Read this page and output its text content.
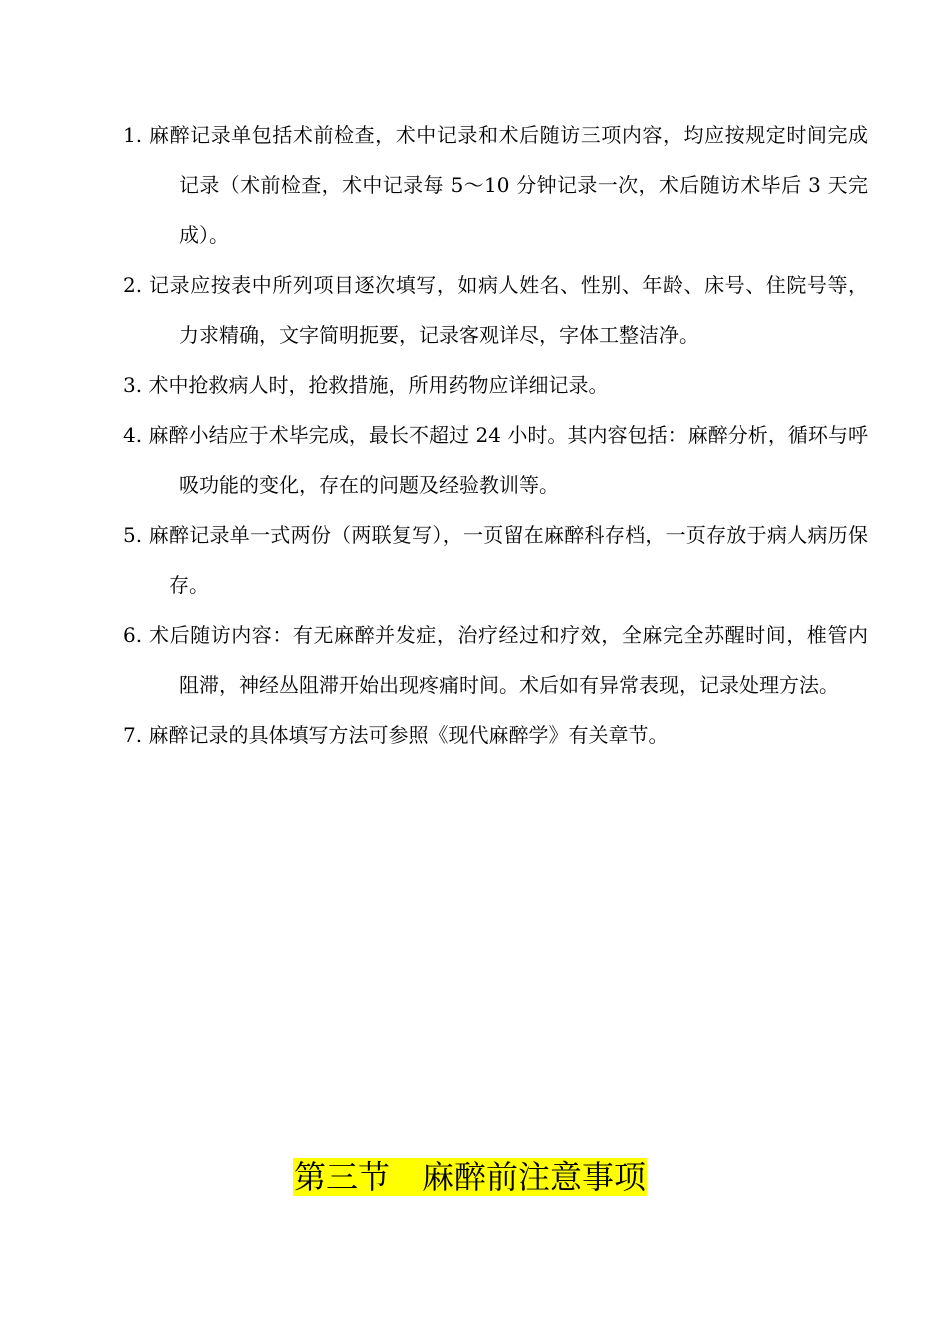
1. 麻醉记录单包括术前检查，术中记录和术后随访三项内容，均应按规定时间完成记录（术前检查，术中记录每 5～10 分钟记录一次，术后随访术毕后 3 天完成）。
2. 记录应按表中所列项目逐次填写，如病人姓名、性别、年龄、床号、住院号等，力求精确，文字简明扼要，记录客观详尽，字体工整洁净。
3. 术中抢救病人时，抢救措施，所用药物应详细记录。
4. 麻醉小结应于术毕完成，最长不超过 24 小时。其内容包括：麻醉分析，循环与呼吸功能的变化，存在的问题及经验教训等。
5. 麻醉记录单一式两份（两联复写），一页留在麻醉科存档，一页存放于病人病历保存。
6. 术后随访内容：有无麻醉并发症，治疗经过和疗效，全麻完全苏醒时间，椎管内阻滞，神经丛阻滞开始出现疼痛时间。术后如有异常表现，记录处理方法。
7. 麻醉记录的具体填写方法可参照《现代麻醉学》有关章节。
第三节　麻醉前注意事项
